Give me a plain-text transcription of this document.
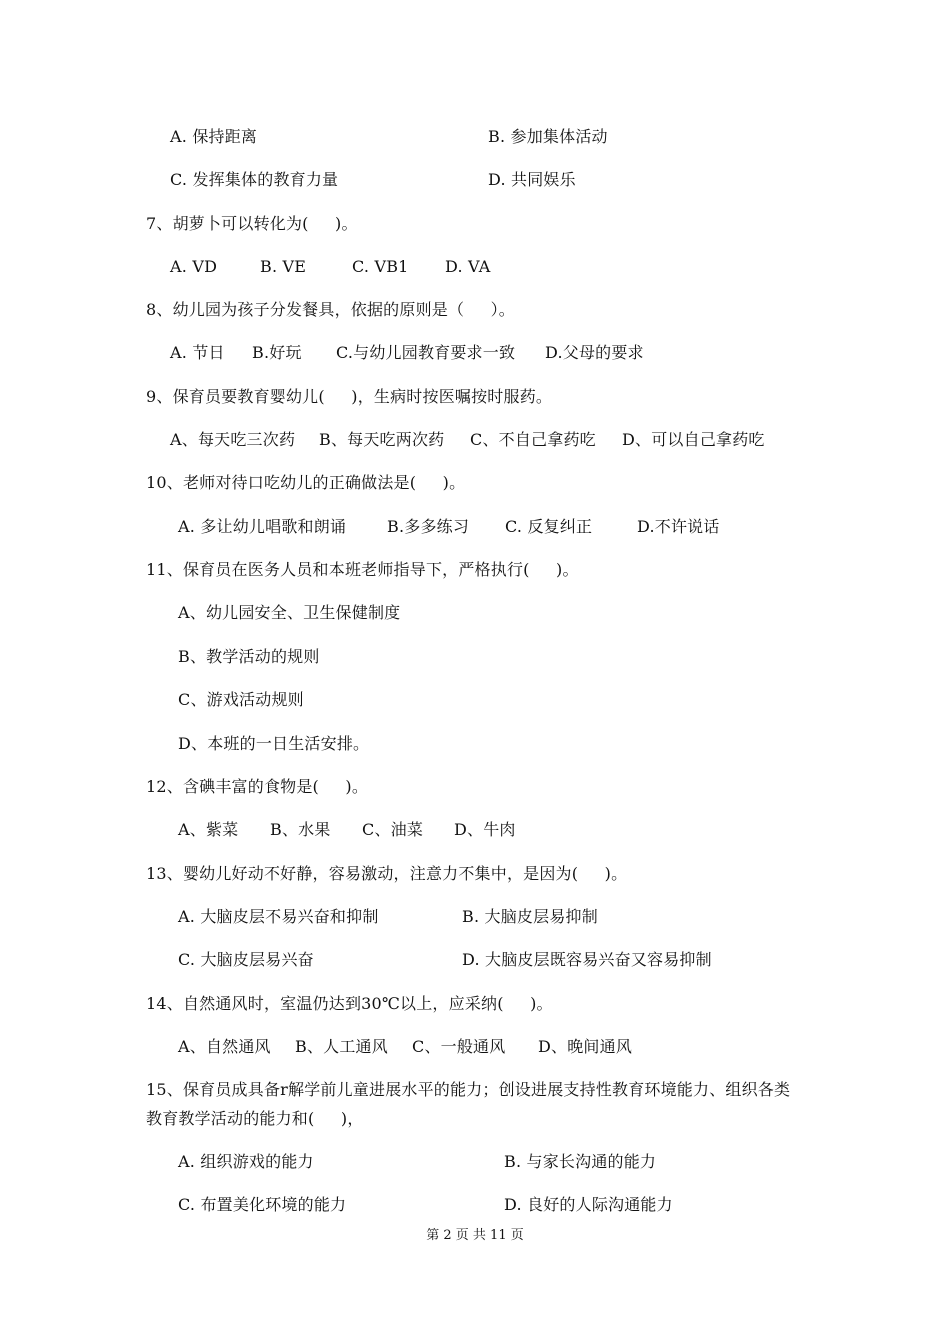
A. 保持距离	B. 参加集体活动
C. 发挥集体的教育力量	D. 共同娱乐
7、胡萝卜可以转化为(     )。
A. VD	B. VE	C. VB1 D. VA
8、幼儿园为孩子分发餐具，依据的原则是（     ）。
A. 节日 B.好玩 C.与幼儿园教育要求一致 D.父母的要求
9、保育员要教育婴幼儿(     )，生病时按医嘱按时服药。
A、每天吃三次药 B、每天吃两次药 C、不自己拿药吃 D、可以自己拿药吃
10、老师对待口吃幼儿的正确做法是(     )。
A. 多让幼儿唱歌和朗诵	B.多多练习 C. 反复纠正	D.不许说话
11、保育员在医务人员和本班老师指导下，严格执行(     )。
A、幼儿园安全、卫生保健制度
B、教学活动的规则
C、游戏活动规则
D、本班的一日生活安排。
12、含碘丰富的食物是(     )。
A、紫菜 B、水果 C、油菜 D、牛肉
13、婴幼儿好动不好静，容易激动，注意力不集中，是因为(     )。
A. 大脑皮层不易兴奋和抑制	B. 大脑皮层易抑制
C. 大脑皮层易兴奋	D. 大脑皮层既容易兴奋又容易抑制
14、自然通风时，室温仍达到30℃以上，应采纳(     )。
A、自然通风 B、人工通风 C、一般通风 D、晚间通风
15、保育员成具备r解学前儿童进展水平的能力；创设进展支持性教育环境能力、组织各类
教育教学活动的能力和(     )，
A. 组织游戏的能力	B. 与家长沟通的能力
C. 布置美化环境的能力	D. 良好的人际沟通能力
第 2 页 共 11 页
